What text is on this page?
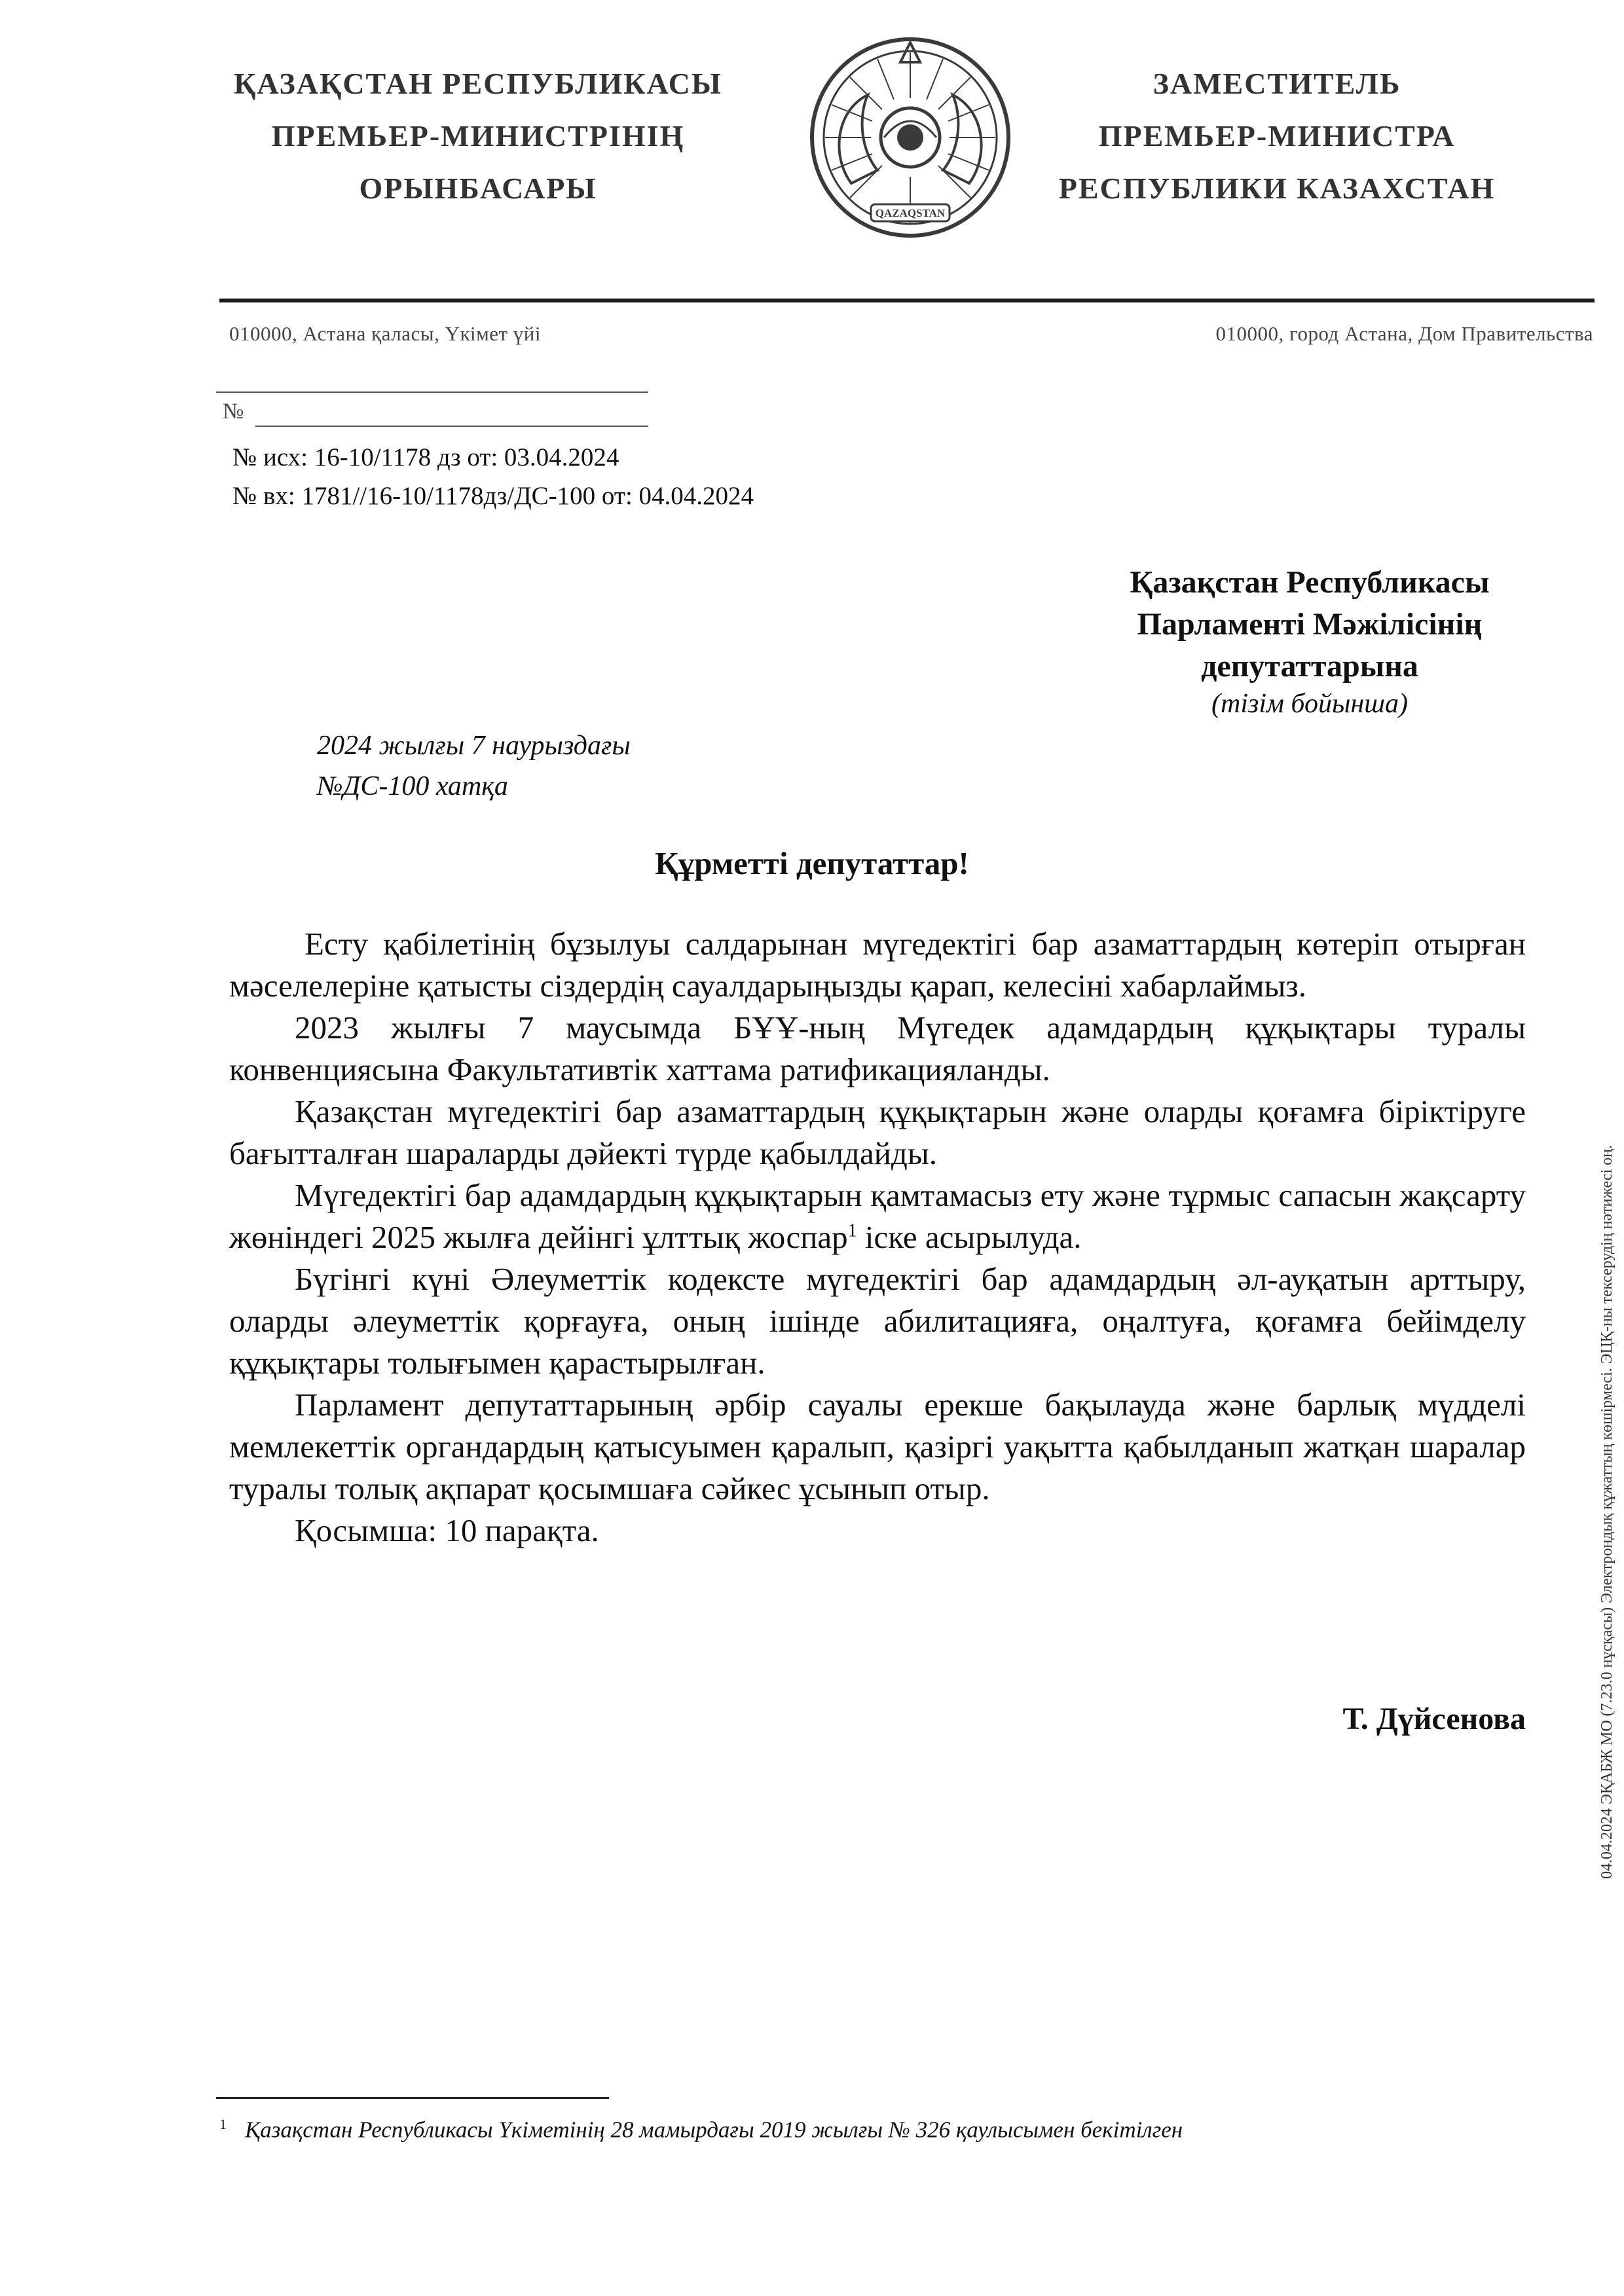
ҚАЗАҚСТАН РЕСПУБЛИКАСЫ
ПРЕМЬЕР-МИНИСТРІНІҢ
ОРЫНБАСАРЫ
QAZAQSTAN
ЗАМЕСТИТЕЛЬ
ПРЕМЬЕР-МИНИСТРА
РЕСПУБЛИКИ КАЗАХСТАН
010000, Астана қаласы, Үкімет үйі	010000, город Астана, Дом Правительства
№
№ исх: 16-10/1178 дз от: 03.04.2024
№ вх: 1781//16-10/1178дз/ДС-100 от: 04.04.2024
Қазақстан Республикасы
Парламенті Мәжілісінің
депутаттарына
(тізім бойынша)
2024 жылғы 7 наурыздағы
№ДС-100 хатқа
Құрметті депутаттар!

Есту қабілетінің бұзылуы салдарынан мүгедектігі бар азаматтардың көтеріп отырған мәселелеріне қатысты сіздердің сауалдарыңызды қарап, келесіні хабарлаймыз.

2023 жылғы 7 маусымда БҰҰ-ның Мүгедек адамдардың құқықтары туралы конвенциясына Факультативтік хаттама ратификацияланды.

Қазақстан мүгедектігі бар азаматтардың құқықтарын және оларды қоғамға біріктіруге бағытталған шараларды дәйекті түрде қабылдайды.

Мүгедектігі бар адамдардың құқықтарын қамтамасыз ету және тұрмыс сапасын жақсарту жөніндегі 2025 жылға дейінгі ұлттық жоспар$^1$ іске асырылуда.

Бүгінгі күні Әлеуметтік кодексте мүгедектігі бар адамдардың әл-ауқатын арттыру, оларды әлеуметтік қорғауға, оның ішінде абилитацияға, оңалтуға, қоғамға бейімделу құқықтары толығымен қарастырылған.

Парламент депутаттарының әрбір сауалы ерекше бақылауда және барлық мүдделі мемлекеттік органдардың қатысуымен қаралып, қазіргі уақытта қабылданып жатқан шаралар туралы толық ақпарат қосымшаға сәйкес ұсынып отыр.

Қосымша: 10 парақта.

Т. Дүйсенова	04.04.2024 ЭҚАБЖ МО (7.23.0 нұсқасы) Электрондық құжаттың көшірмесі. ЭЦҚ-ны тексерудің нәтижесі оң.
$^1$ Қазақстан Республикасы Үкіметінің 28 мамырдағы 2019 жылғы № 326 қаулысымен бекітілген
